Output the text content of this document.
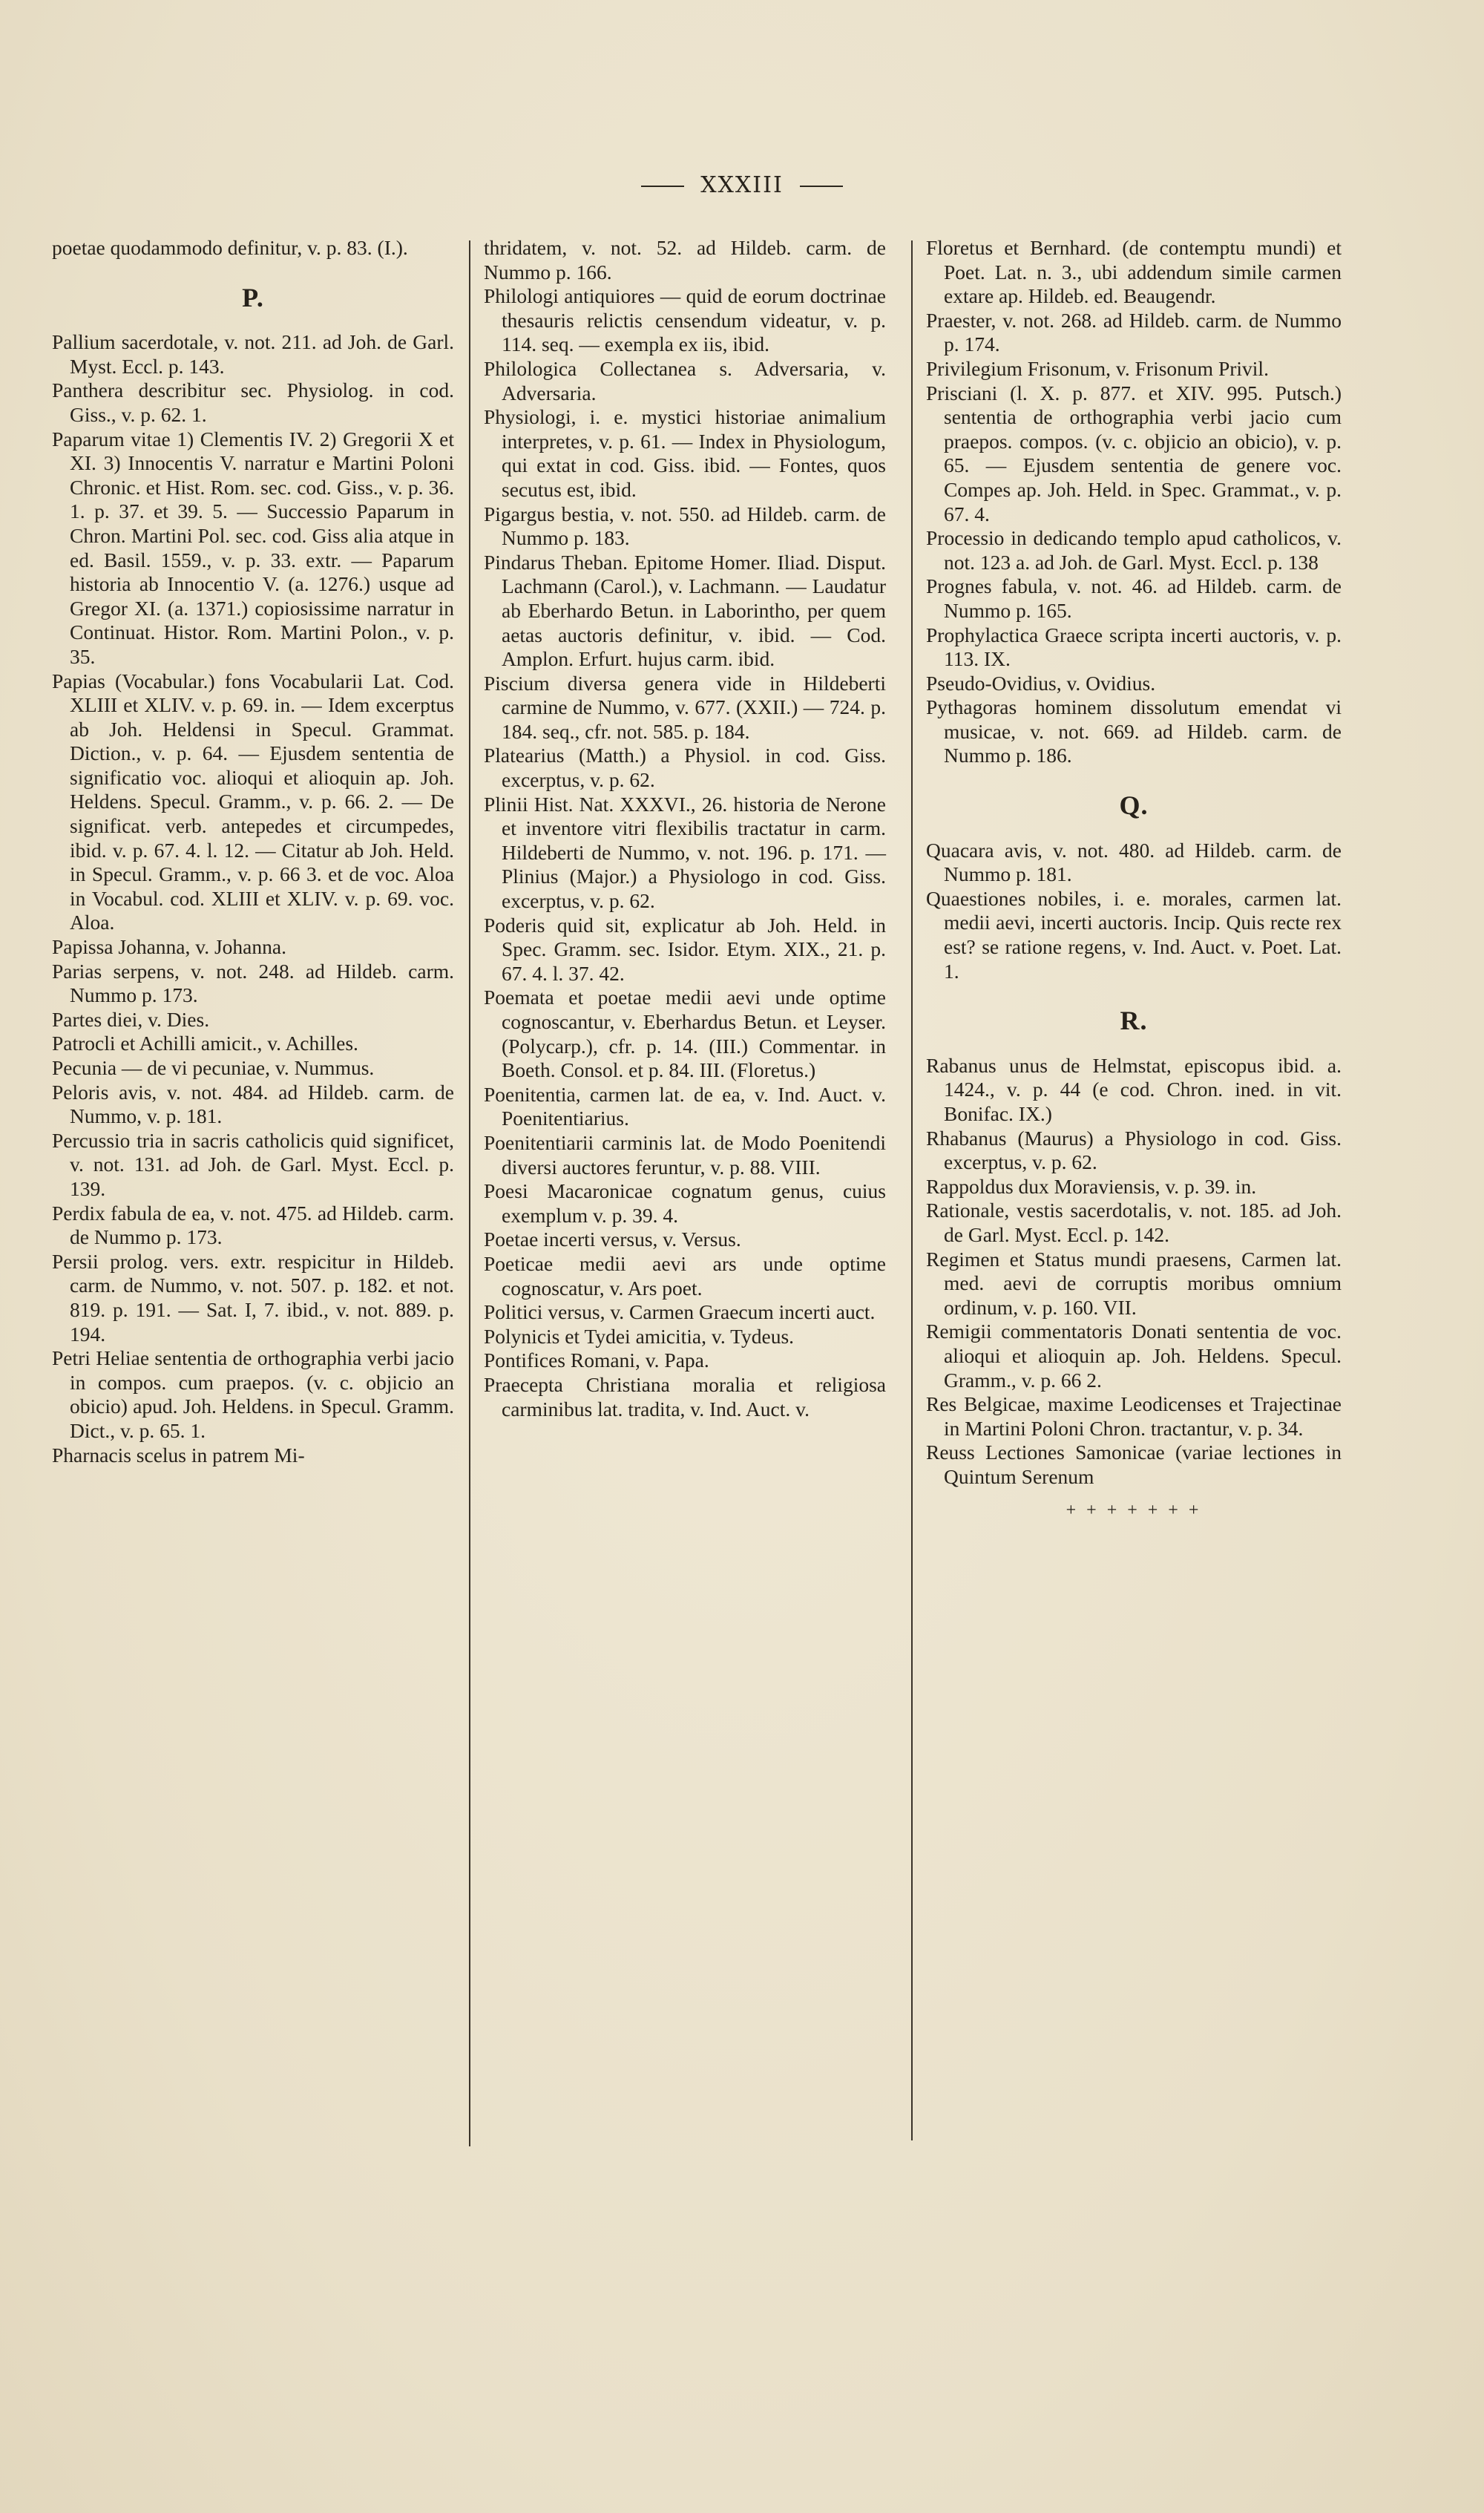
XXXIII
poetae quodammodo definitur, v. p. 83. (I.).
P.
Pallium sacerdotale, v. not. 211. ad Joh. de Garl. Myst. Eccl. p. 143.
Panthera describitur sec. Physiolog. in cod. Giss., v. p. 62. 1.
Paparum vitae 1) Clementis IV. 2) Gregorii X et XI. 3) Innocentis V. narratur e Martini Poloni Chronic. et Hist. Rom. sec. cod. Giss., v. p. 36. 1. p. 37. et 39. 5. — Successio Paparum in Chron. Martini Pol. sec. cod. Giss alia atque in ed. Basil. 1559., v. p. 33. extr. — Paparum historia ab Innocentio V. (a. 1276.) usque ad Gregor XI. (a. 1371.) copiosissime narratur in Continuat. Histor. Rom. Martini Polon., v. p. 35.
Papias (Vocabular.) fons Vocabularii Lat. Cod. XLIII et XLIV. v. p. 69. in. — Idem excerptus ab Joh. Heldensi in Specul. Grammat. Diction., v. p. 64. — Ejusdem sententia de significatio voc. alioqui et alioquin ap. Joh. Heldens. Specul. Gramm., v. p. 66. 2. — De significat. verb. antepedes et circumpedes, ibid. v. p. 67. 4. l. 12. — Citatur ab Joh. Held. in Specul. Gramm., v. p. 66 3. et de voc. Aloa in Vocabul. cod. XLIII et XLIV. v. p. 69. voc. Aloa.
Papissa Johanna, v. Johanna.
Parias serpens, v. not. 248. ad Hildeb. carm. Nummo p. 173.
Partes diei, v. Dies.
Patrocli et Achilli amicit., v. Achilles.
Pecunia — de vi pecuniae, v. Nummus.
Peloris avis, v. not. 484. ad Hildeb. carm. de Nummo, v. p. 181.
Percussio tria in sacris catholicis quid significet, v. not. 131. ad Joh. de Garl. Myst. Eccl. p. 139.
Perdix fabula de ea, v. not. 475. ad Hildeb. carm. de Nummo p. 173.
Persii prolog. vers. extr. respicitur in Hildeb. carm. de Nummo, v. not. 507. p. 182. et not. 819. p. 191. — Sat. I, 7. ibid., v. not. 889. p. 194.
Petri Heliae sententia de orthographia verbi jacio in compos. cum praepos. (v. c. objicio an obicio) apud. Joh. Heldens. in Specul. Gramm. Dict., v. p. 65. 1.
Pharnacis scelus in patrem Mi-
thridatem, v. not. 52. ad Hildeb. carm. de Nummo p. 166.
Philologi antiquiores — quid de eorum doctrinae thesauris relictis censendum videatur, v. p. 114. seq. — exempla ex iis, ibid.
Philologica Collectanea s. Adversaria, v. Adversaria.
Physiologi, i. e. mystici historiae animalium interpretes, v. p. 61. — Index in Physiologum, qui extat in cod. Giss. ibid. — Fontes, quos secutus est, ibid.
Pigargus bestia, v. not. 550. ad Hildeb. carm. de Nummo p. 183.
Pindarus Theban. Epitome Homer. Iliad. Disput. Lachmann (Carol.), v. Lachmann. — Laudatur ab Eberhardo Betun. in Laborintho, per quem aetas auctoris definitur, v. ibid. — Cod. Amplon. Erfurt. hujus carm. ibid.
Piscium diversa genera vide in Hildeberti carmine de Nummo, v. 677. (XXII.) — 724. p. 184. seq., cfr. not. 585. p. 184.
Platearius (Matth.) a Physiol. in cod. Giss. excerptus, v. p. 62.
Plinii Hist. Nat. XXXVI., 26. historia de Nerone et inventore vitri flexibilis tractatur in carm. Hildeberti de Nummo, v. not. 196. p. 171. — Plinius (Major.) a Physiologo in cod. Giss. excerptus, v. p. 62.
Poderis quid sit, explicatur ab Joh. Held. in Spec. Gramm. sec. Isidor. Etym. XIX., 21. p. 67. 4. l. 37. 42.
Poemata et poetae medii aevi unde optime cognoscantur, v. Eberhardus Betun. et Leyser. (Polycarp.), cfr. p. 14. (III.) Commentar. in Boeth. Consol. et p. 84. III. (Floretus.)
Poenitentia, carmen lat. de ea, v. Ind. Auct. v. Poenitentiarius.
Poenitentiarii carminis lat. de Modo Poenitendi diversi auctores feruntur, v. p. 88. VIII.
Poesi Macaronicae cognatum genus, cuius exemplum v. p. 39. 4.
Poetae incerti versus, v. Versus.
Poeticae medii aevi ars unde optime cognoscatur, v. Ars poet.
Politici versus, v. Carmen Graecum incerti auct.
Polynicis et Tydei amicitia, v. Tydeus.
Pontifices Romani, v. Papa.
Praecepta Christiana moralia et religiosa carminibus lat. tradita, v. Ind. Auct. v.
Floretus et Bernhard. (de contemptu mundi) et Poet. Lat. n. 3., ubi addendum simile carmen extare ap. Hildeb. ed. Beaugendr.
Praester, v. not. 268. ad Hildeb. carm. de Nummo p. 174.
Privilegium Frisonum, v. Frisonum Privil.
Prisciani (l. X. p. 877. et XIV. 995. Putsch.) sententia de orthographia verbi jacio cum praepos. compos. (v. c. objicio an obicio), v. p. 65. — Ejusdem sententia de genere voc. Compes ap. Joh. Held. in Spec. Grammat., v. p. 67. 4.
Processio in dedicando templo apud catholicos, v. not. 123 a. ad Joh. de Garl. Myst. Eccl. p. 138
Prognes fabula, v. not. 46. ad Hildeb. carm. de Nummo p. 165.
Prophylactica Graece scripta incerti auctoris, v. p. 113. IX.
Pseudo-Ovidius, v. Ovidius.
Pythagoras hominem dissolutum emendat vi musicae, v. not. 669. ad Hildeb. carm. de Nummo p. 186.
Q.
Quacara avis, v. not. 480. ad Hildeb. carm. de Nummo p. 181.
Quaestiones nobiles, i. e. morales, carmen lat. medii aevi, incerti auctoris. Incip. Quis recte rex est? se ratione regens, v. Ind. Auct. v. Poet. Lat. 1.
R.
Rabanus unus de Helmstat, episcopus ibid. a. 1424., v. p. 44 (e cod. Chron. ined. in vit. Bonifac. IX.)
Rhabanus (Maurus) a Physiologo in cod. Giss. excerptus, v. p. 62.
Rappoldus dux Moraviensis, v. p. 39. in.
Rationale, vestis sacerdotalis, v. not. 185. ad Joh. de Garl. Myst. Eccl. p. 142.
Regimen et Status mundi praesens, Carmen lat. med. aevi de corruptis moribus omnium ordinum, v. p. 160. VII.
Remigii commentatoris Donati sententia de voc. alioqui et alioquin ap. Joh. Heldens. Specul. Gramm., v. p. 66 2.
Res Belgicae, maxime Leodicenses et Trajectinae in Martini Poloni Chron. tractantur, v. p. 34.
Reuss Lectiones Samonicae (variae lectiones in Quintum Serenum
+ + + + + + +
